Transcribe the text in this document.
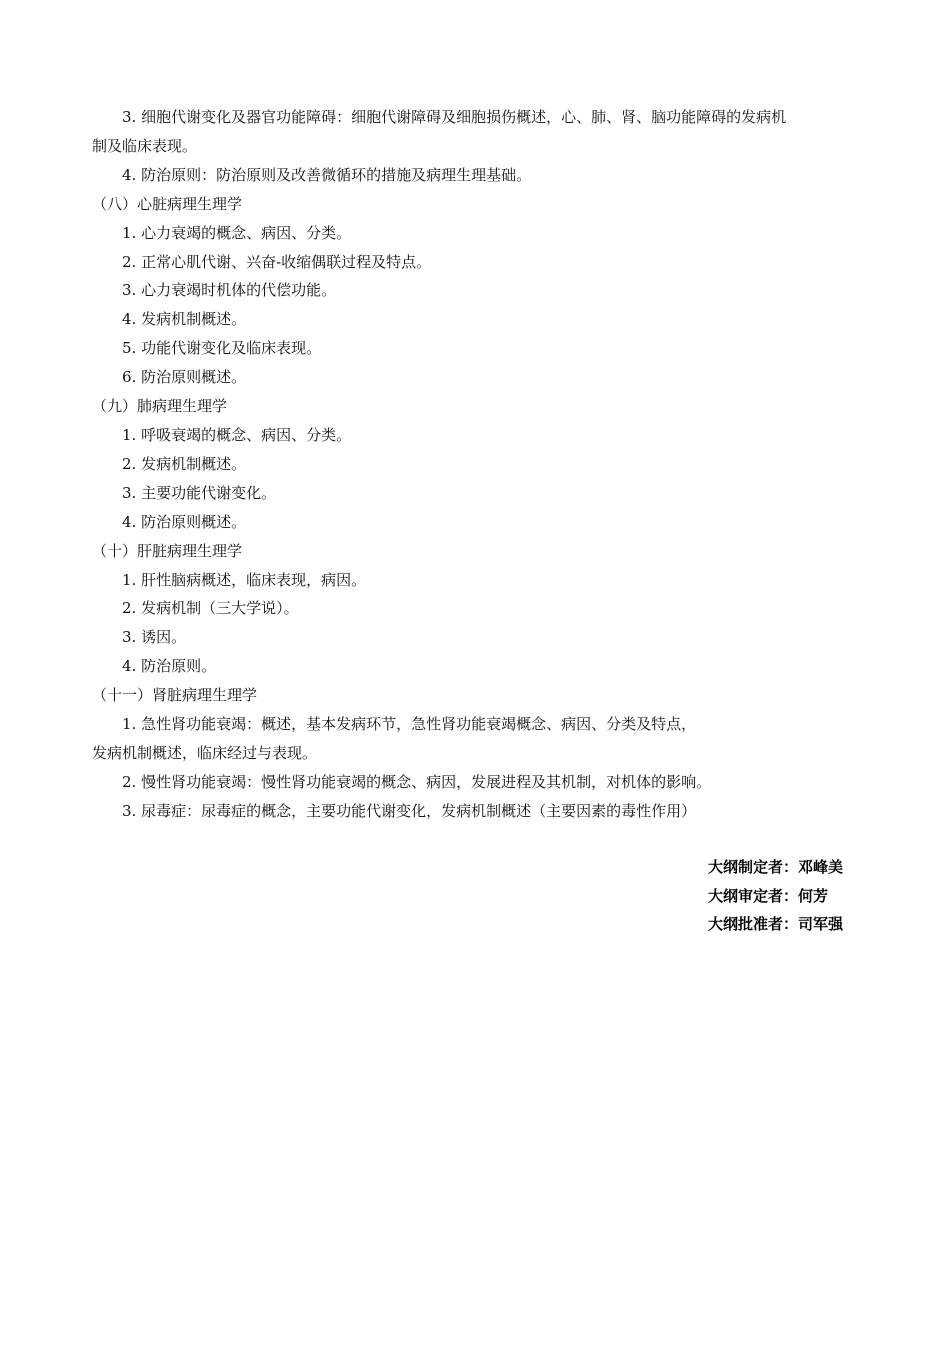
3. 细胞代谢变化及器官功能障碍：细胞代谢障碍及细胞损伤概述，心、肺、肾、脑功能障碍的发病机
制及临床表现。
4. 防治原则：防治原则及改善微循环的措施及病理生理基础。
（八）心脏病理生理学
1. 心力衰竭的概念、病因、分类。
2. 正常心肌代谢、兴奋-收缩偶联过程及特点。
3. 心力衰竭时机体的代偿功能。
4. 发病机制概述。
5. 功能代谢变化及临床表现。
6. 防治原则概述。
（九）肺病理生理学
1. 呼吸衰竭的概念、病因、分类。
2. 发病机制概述。
3. 主要功能代谢变化。
4. 防治原则概述。
（十）肝脏病理生理学
1. 肝性脑病概述，临床表现，病因。
2. 发病机制（三大学说）。
3. 诱因。
4. 防治原则。
（十一）肾脏病理生理学
1. 急性肾功能衰竭：概述，基本发病环节，急性肾功能衰竭概念、病因、分类及特点，
发病机制概述，临床经过与表现。
2. 慢性肾功能衰竭：慢性肾功能衰竭的概念、病因，发展进程及其机制，对机体的影响。
3. 尿毒症：尿毒症的概念，主要功能代谢变化，发病机制概述（主要因素的毒性作用）
大纲制定者：邓峰美
大纲审定者：何芳
大纲批准者：司军强
